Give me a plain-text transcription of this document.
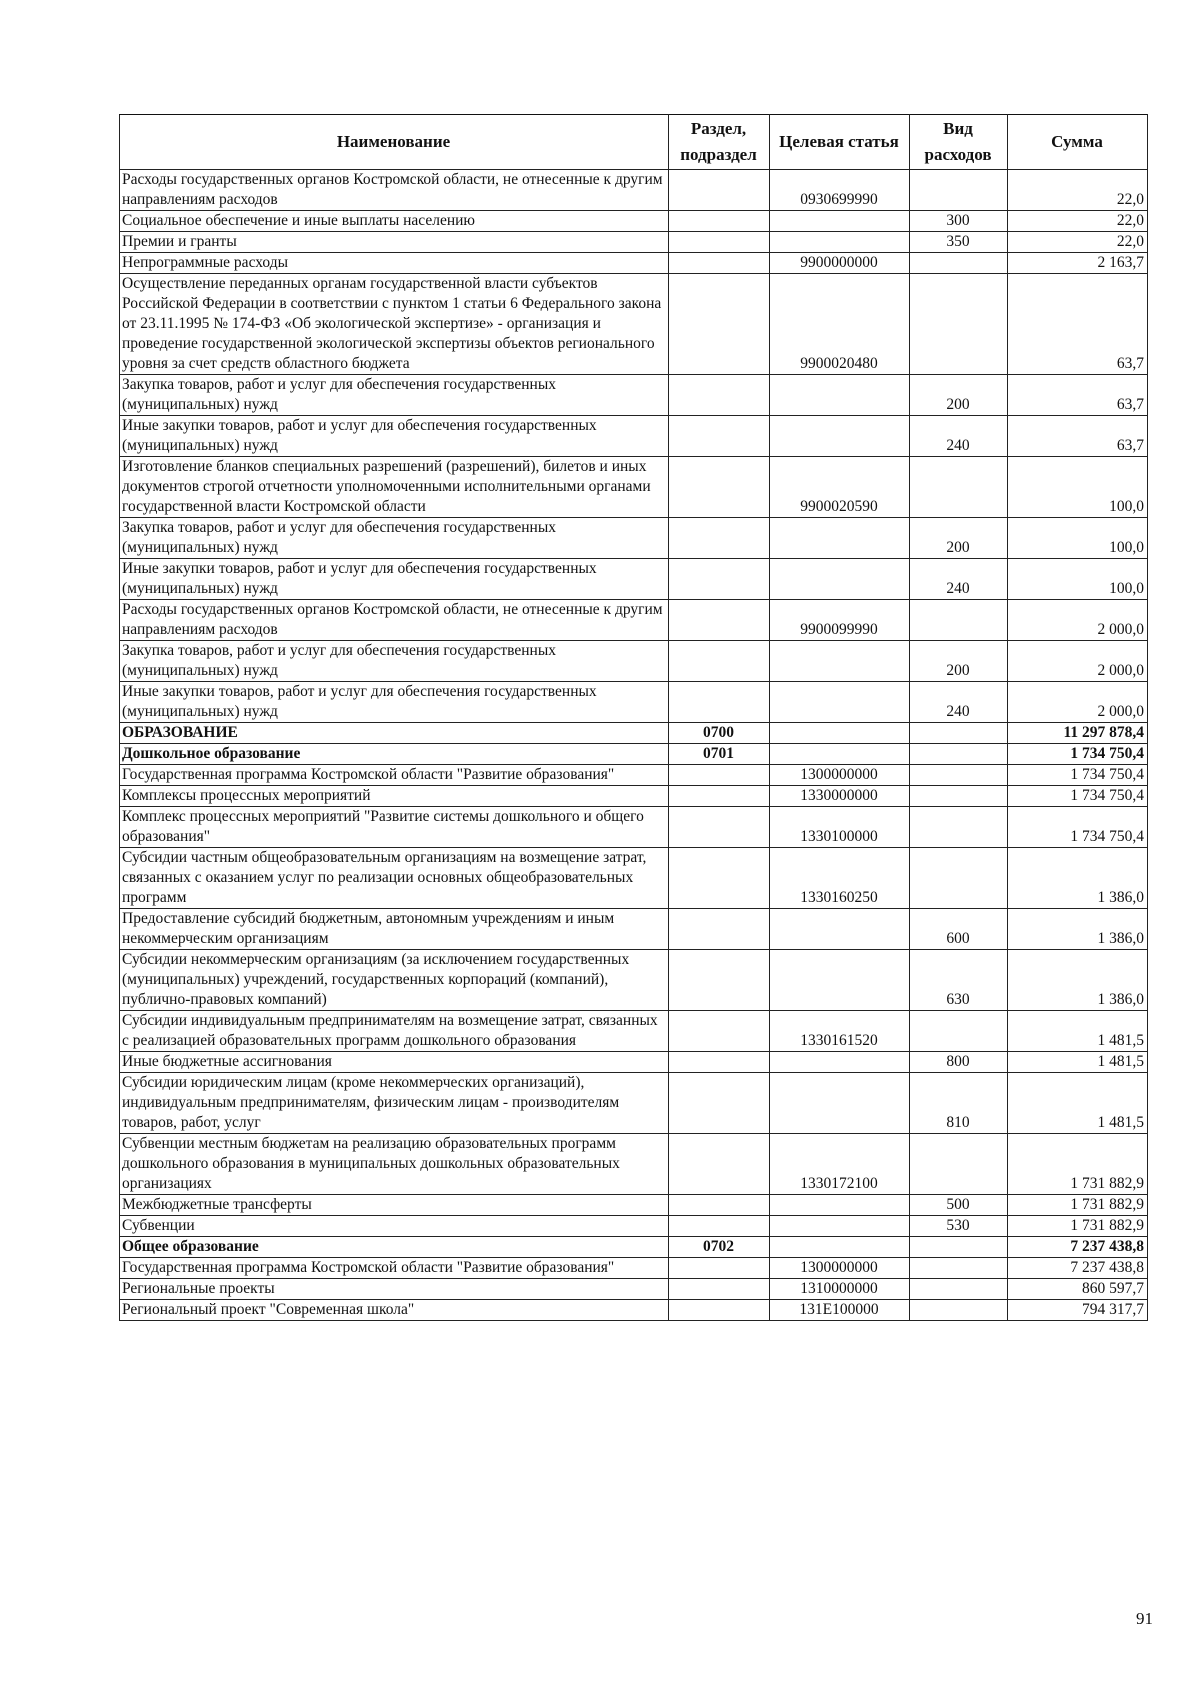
Наименование	Раздел, подраздел	Целевая статья	Вид расходов	Сумма
Расходы государственных органов Костромской области, не отнесенные к другим направлениям расходов		0930699990		22,0
Социальное обеспечение и иные выплаты населению			300	22,0
Премии и гранты			350	22,0
Непрограммные расходы		9900000000		2 163,7
Осуществление переданных органам государственной власти субъектов Российской Федерации в соответствии с пунктом 1 статьи 6 Федерального закона от 23.11.1995 № 174-ФЗ «Об экологической экспертизе» - организация и проведение государственной экологической экспертизы объектов регионального уровня за счет средств областного бюджета		9900020480		63,7
Закупка товаров, работ и услуг для обеспечения государственных (муниципальных) нужд			200	63,7
Иные закупки товаров, работ и услуг для обеспечения государственных (муниципальных) нужд			240	63,7
Изготовление бланков специальных разрешений (разрешений), билетов и иных документов строгой отчетности уполномоченными исполнительными органами государственной власти Костромской области		9900020590		100,0
Закупка товаров, работ и услуг для обеспечения государственных (муниципальных) нужд			200	100,0
Иные закупки товаров, работ и услуг для обеспечения государственных (муниципальных) нужд			240	100,0
Расходы государственных органов Костромской области, не отнесенные к другим направлениям расходов		9900099990		2 000,0
Закупка товаров, работ и услуг для обеспечения государственных (муниципальных) нужд			200	2 000,0
Иные закупки товаров, работ и услуг для обеспечения государственных (муниципальных) нужд			240	2 000,0
ОБРАЗОВАНИЕ	0700			11 297 878,4
Дошкольное образование	0701			1 734 750,4
Государственная программа Костромской области "Развитие образования"		1300000000		1 734 750,4
Комплексы процессных мероприятий		1330000000		1 734 750,4
Комплекс процессных мероприятий "Развитие системы дошкольного и общего образования"		1330100000		1 734 750,4
Субсидии частным общеобразовательным организациям на возмещение затрат, связанных с оказанием услуг по реализации основных общеобразовательных программ		1330160250		1 386,0
Предоставление субсидий бюджетным, автономным учреждениям и иным некоммерческим организациям			600	1 386,0
Субсидии некоммерческим организациям (за исключением государственных (муниципальных) учреждений, государственных корпораций (компаний), публично-правовых компаний)			630	1 386,0
Субсидии индивидуальным предпринимателям на возмещение затрат, связанных с реализацией образовательных программ дошкольного образования		1330161520		1 481,5
Иные бюджетные ассигнования			800	1 481,5
Субсидии юридическим лицам (кроме некоммерческих организаций), индивидуальным предпринимателям, физическим лицам - производителям товаров, работ, услуг			810	1 481,5
Субвенции местным бюджетам на реализацию образовательных программ дошкольного образования в муниципальных дошкольных образовательных организациях		1330172100		1 731 882,9
Межбюджетные трансферты			500	1 731 882,9
Субвенции			530	1 731 882,9
Общее образование	0702			7 237 438,8
Государственная программа Костромской области "Развитие образования"		1300000000		7 237 438,8
Региональные проекты		1310000000		860 597,7
Региональный проект "Современная школа"		131E100000		794 317,7
91
